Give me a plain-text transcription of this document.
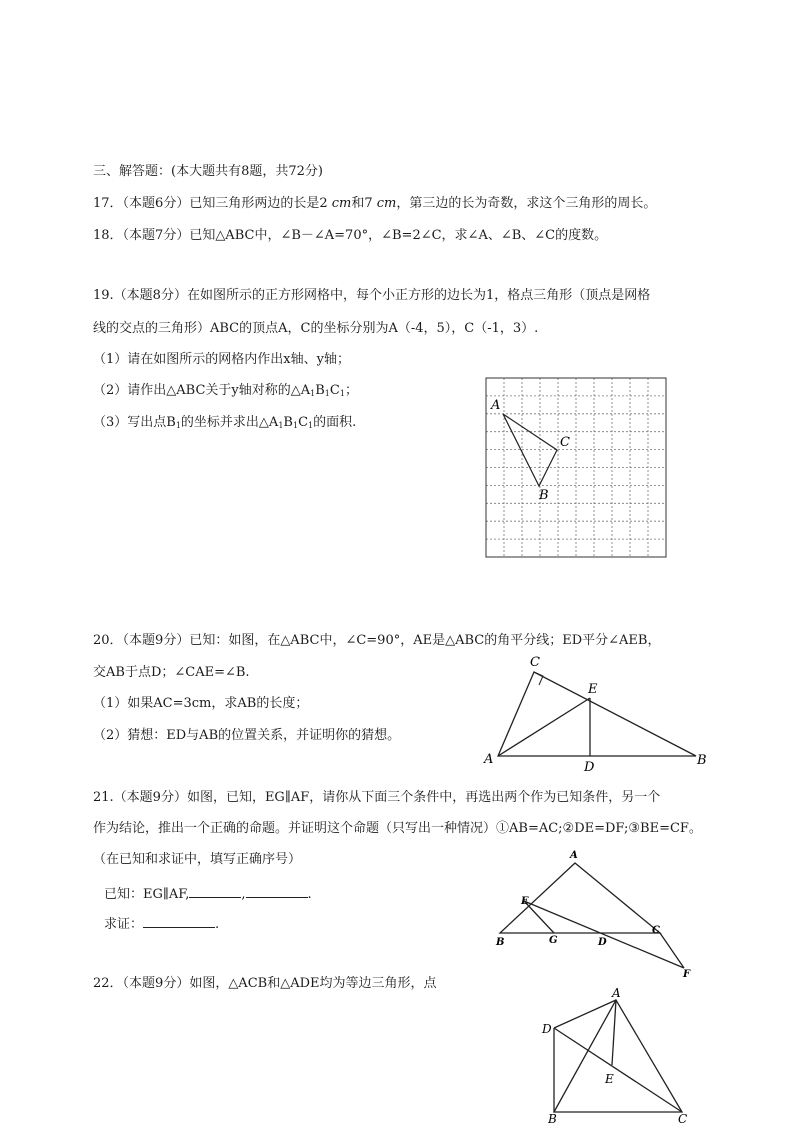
三、解答题：(本大题共有8题，共72分)
17．（本题6分）已知三角形两边的长是2 cm和7 cm，第三边的长为奇数，求这个三角形的周长。
18．（本题7分）已知△ABC中，∠B－∠A=70°，∠B=2∠C，求∠A、∠B、∠C的度数。
19.（本题8分）在如图所示的正方形网格中，每个小正方形的边长为1，格点三角形（顶点是网格
线的交点的三角形）ABC的顶点A，C的坐标分别为A（-4，5），C（-1，3）.
（1）请在如图所示的网格内作出x轴、y轴；
（2）请作出△ABC关于y轴对称的$\triangle A_1B_1C_1$；
（3）写出点$B_1$的坐标并求出$\triangle A_1B_1C_1$的面积.
A
C
B
20．（本题9分）已知：如图，在△ABC中，∠C=90°，AE是△ABC的角平分线；ED平分∠AEB，
交AB于点D；∠CAE=∠B.
（1）如果AC=3cm，求AB的长度；
（2）猜想：ED与AB的位置关系，并证明你的猜想。
C
E
A
D	B
21.（本题9分）如图，已知，EG∥AF，请你从下面三个条件中，再选出两个作为已知条件，另一个
作为结论，推出一个正确的命题。并证明这个命题（只写出一种情况）①AB=AC;②DE=DF;③BE=CF。
（在已知和求证中，填写正确序号）
已知：EG∥AF,	,	.
求证：	.
A
E
B	G	D
C
F
22．（本题9分）如图，△ACB和△ADE均为等边三角形，点
A
D
E
B	C
